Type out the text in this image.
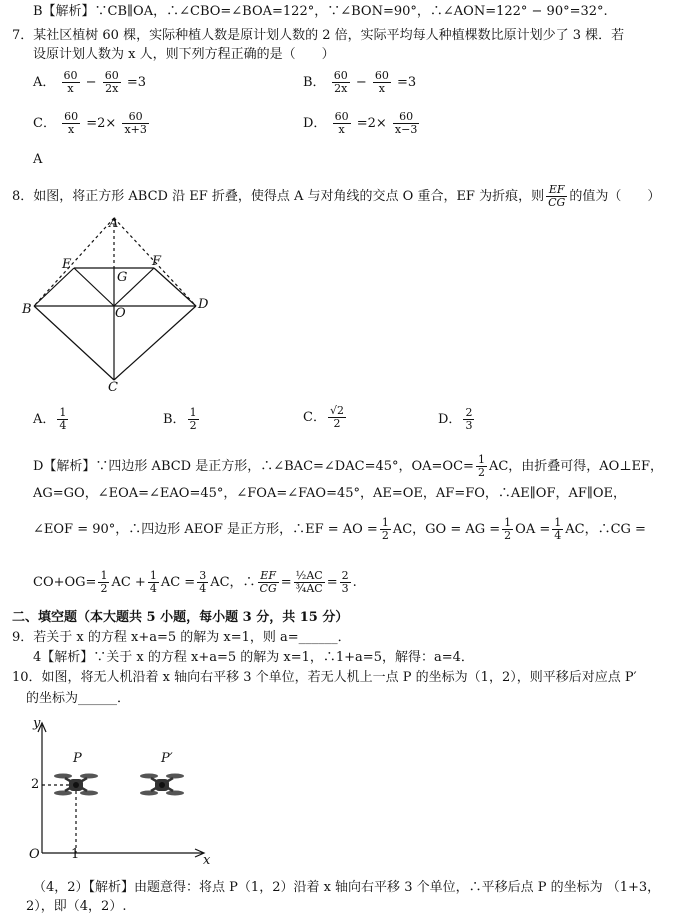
B【解析】∵CB∥OA，∴∠CBO=∠BOA=122°，∵∠BON=90°，∴∠AON=122° − 90°=32°.
7．某社区植树 60 棵，实际种植人数是原计划人数的 2 倍，实际平均每人种植棵数比原计划少了 3 棵．若
设原计划人数为 x 人，则下列方程正确的是（　　）
A． $\frac{60}{x} - \frac{60}{2x} =3$	B． $\frac{60}{2x} - \frac{60}{x} =3$
C． $\frac{60}{x} =2\times \frac{60}{x+3}$	D． $\frac{60}{x} =2\times \frac{60}{x-3}$
A
8．如图，将正方形 ABCD 沿 EF 折叠，使得点 A 与对角线的交点 O 重合，EF 为折痕，则 $\frac{EF}{CG}$ 的值为（　　）
A
B
C
D
E	F
G
O
A． $\frac{1}{4}$	B． $\frac{1}{2}$	C． $\frac{√2}{2}$	D． $\frac{2}{3}$
D【解析】∵四边形 ABCD 是正方形，∴∠BAC=∠DAC=45°，$OA=OC= \frac{1}{2}$ AC，由折叠可得，AO⊥EF，
AG=GO，∠EOA=∠EAO=45°，∠FOA=∠FAO=45°，AE=OE，AF=FO，∴AE∥OF，AF∥OE，
∠EOF = 90°，∴四边形 AEOF 是正方形，∴EF = AO = $\frac{1}{2}$ AC，GO = AG = $\frac{1}{2}$ OA = $\frac{1}{4}$ AC，∴CG =
$CO+OG= \frac{1}{2}$ AC + $\frac{1}{4}$ AC = $\frac{3}{4}$ AC，∴ $\frac{EF}{CG} = \frac{\text{½AC}}{\text{¾AC}} = \frac{2}{3}$ .
二、填空题（本大题共 5 小题，每小题 3 分，共 15 分）
9．若关于 x 的方程 x+a=5 的解为 x=1，则 a=______．
4【解析】∵关于 x 的方程 x+a=5 的解为 x=1，∴1+a=5，解得：a=4．
10．如图，将无人机沿着 x 轴向右平移 3 个单位，若无人机上一点 P 的坐标为（1，2），则平移后对应点 P′
的坐标为______．
y
x
O
2
1
P	P′
（4，2）【解析】由题意得：将点 P（1，2）沿着 x 轴向右平移 3 个单位，∴平移后点 P 的坐标为 （1+3，
2），即（4，2）.
